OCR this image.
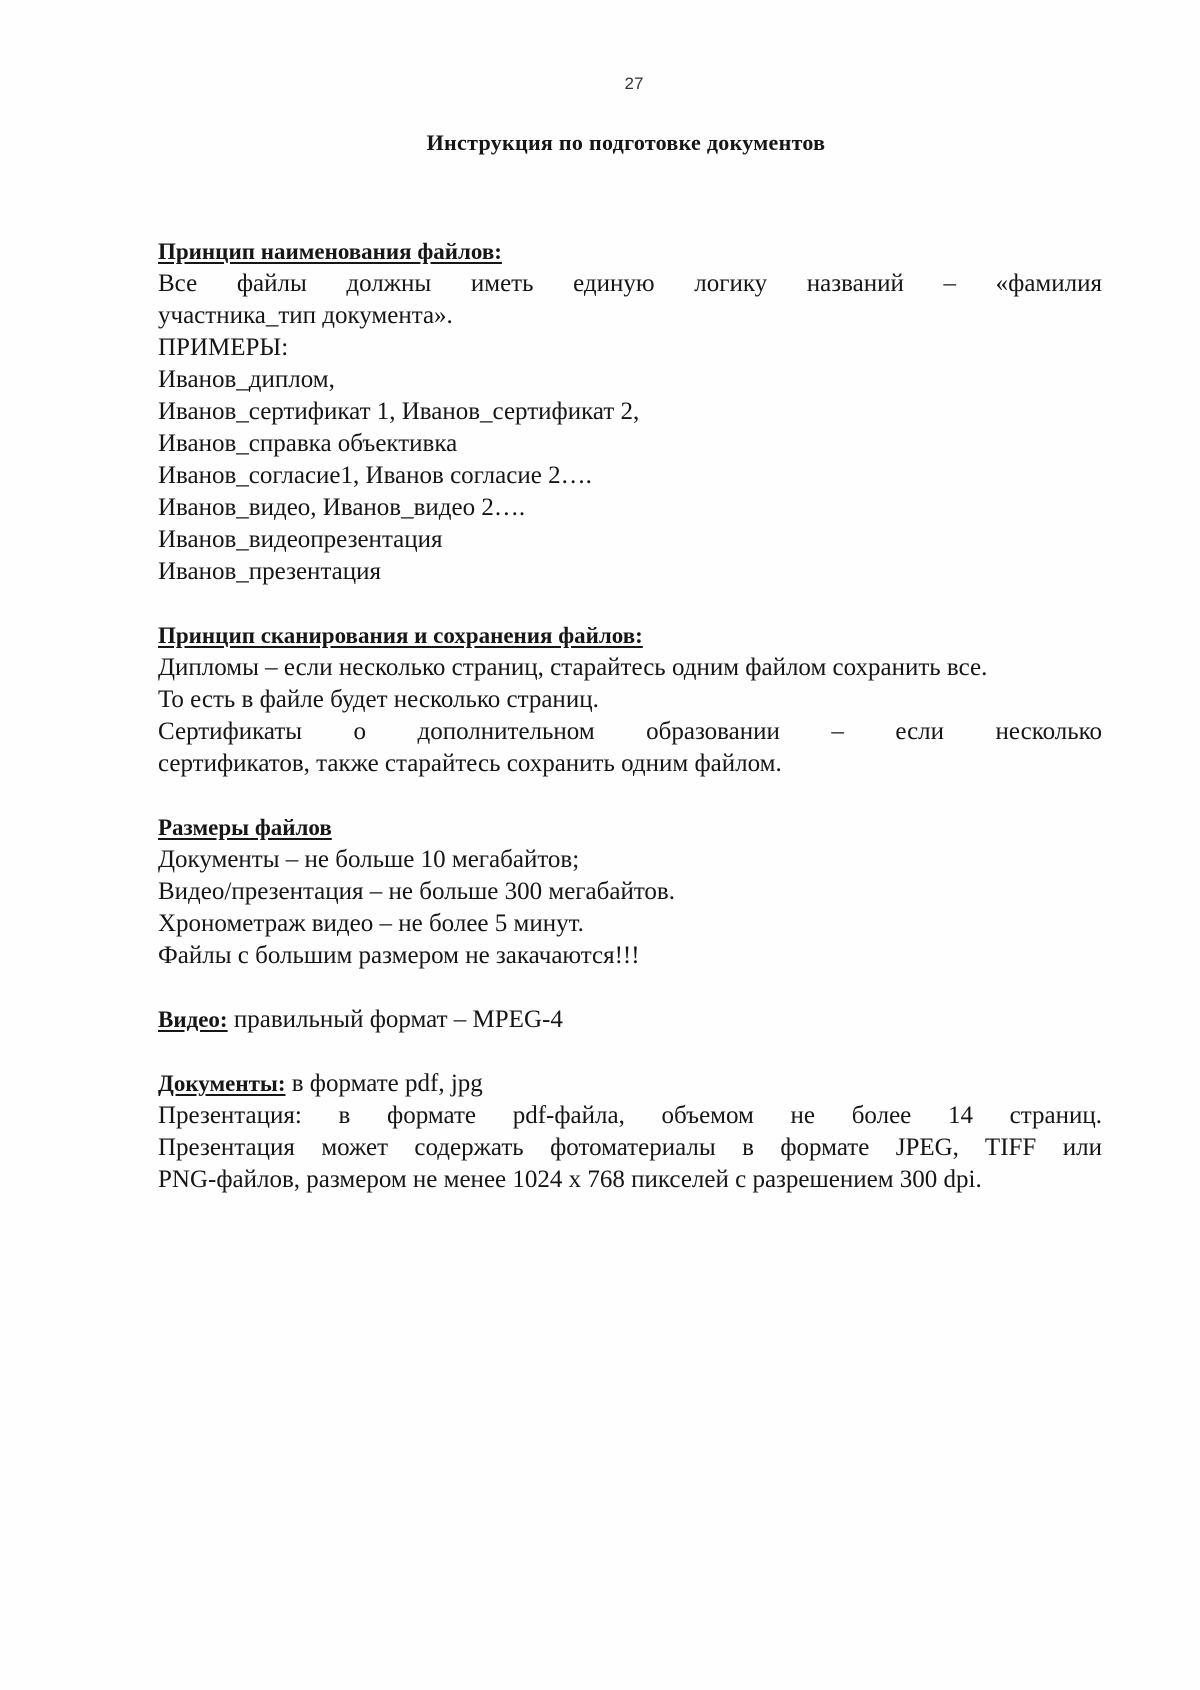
27
Инструкция по подготовке документов
Принцип наименования файлов:
Все файлы должны иметь единую логику названий – «фамилия
участника_тип документа».
ПРИМЕРЫ:
Иванов_диплом,
Иванов_сертификат 1, Иванов_сертификат 2,
Иванов_справка объективка
Иванов_согласие1, Иванов согласие 2….
Иванов_видео, Иванов_видео 2….
Иванов_видеопрезентация
Иванов_презентация
Принцип сканирования и сохранения файлов:
Дипломы – если несколько страниц, старайтесь одним файлом сохранить все.
То есть в файле будет несколько страниц.
Сертификаты о дополнительном образовании – если несколько
сертификатов, также старайтесь сохранить одним файлом.
Размеры файлов
Документы – не больше 10 мегабайтов;
Видео/презентация – не больше 300 мегабайтов.
Хронометраж видео – не более 5 минут.
Файлы с большим размером не закачаются!!!
Видео: правильный формат – MPEG-4
Документы: в формате pdf, jpg
Презентация: в формате pdf-файла, объемом не более 14 страниц.
Презентация может содержать фотоматериалы в формате JPEG, TIFF или
PNG-файлов, размером не менее 1024 х 768 пикселей с разрешением 300 dpi.
